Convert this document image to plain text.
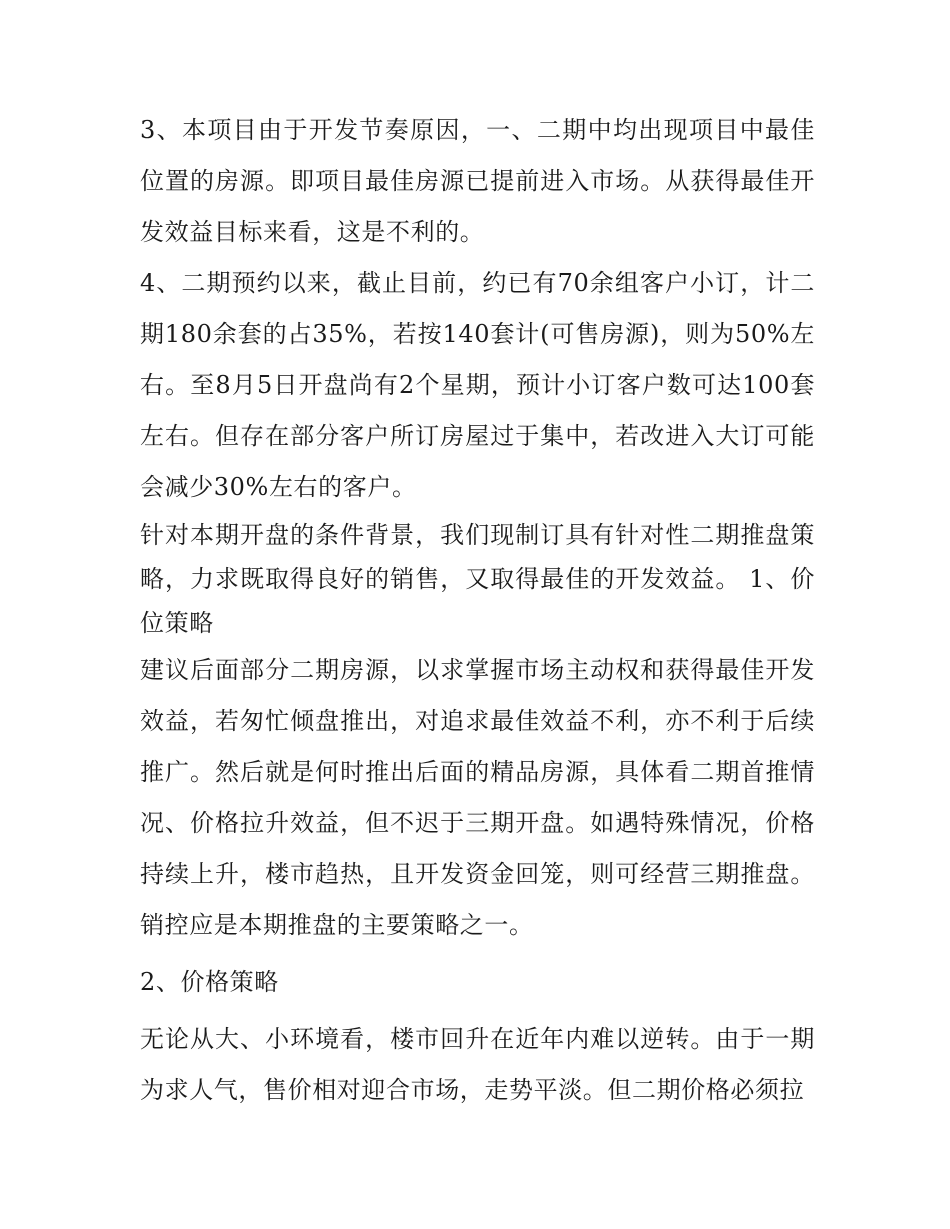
3、本项目由于开发节奏原因，一、二期中均出现项目中最佳位置的房源。即项目最佳房源已提前进入市场。从获得最佳开发效益目标来看，这是不利的。

4、二期预约以来，截止目前，约已有70余组客户小订，计二期180余套的占35%，若按140套计(可售房源)，则为50%左右。至8月5日开盘尚有2个星期，预计小订客户数可达100套左右。但存在部分客户所订房屋过于集中，若改进入大订可能会减少30%左右的客户。

针对本期开盘的条件背景，我们现制订具有针对性二期推盘策略，力求既取得良好的销售，又取得最佳的开发效益。 1、价位策略

建议后面部分二期房源，以求掌握市场主动权和获得最佳开发效益，若匆忙倾盘推出，对追求最佳效益不利，亦不利于后续推广。然后就是何时推出后面的精品房源，具体看二期首推情况、价格拉升效益，但不迟于三期开盘。如遇特殊情况，价格持续上升，楼市趋热，且开发资金回笼，则可经营三期推盘。销控应是本期推盘的主要策略之一。

2、价格策略

无论从大、小环境看，楼市回升在近年内难以逆转。由于一期为求人气，售价相对迎合市场，走势平淡。但二期价格必须拉
